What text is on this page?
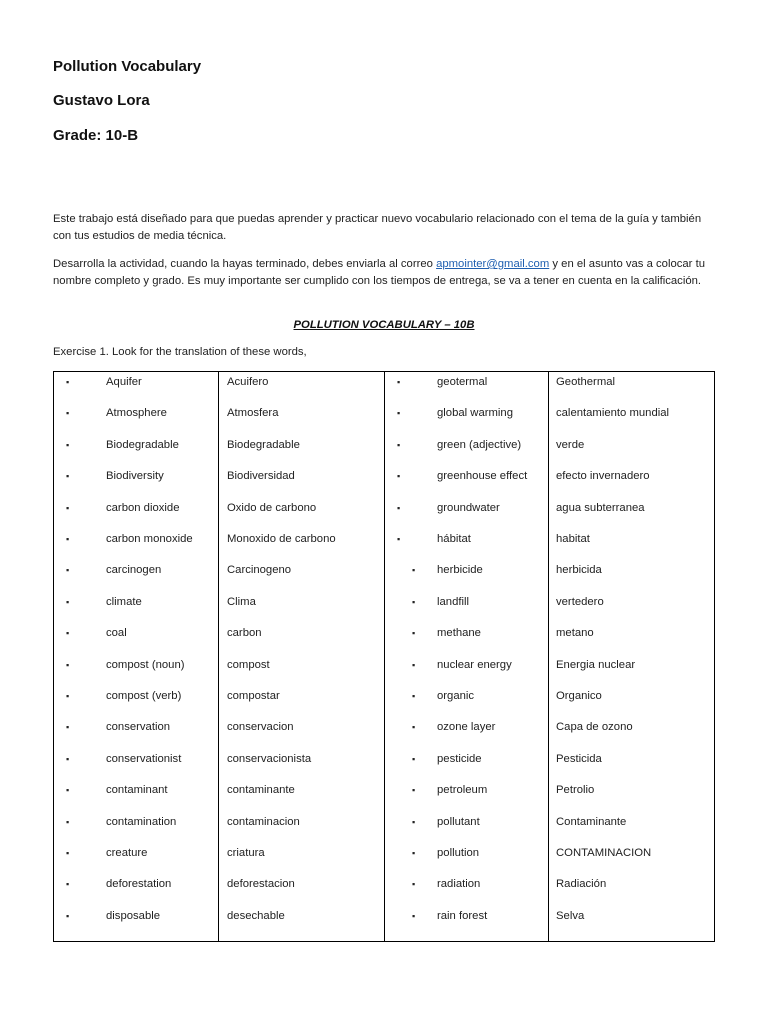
Pollution Vocabulary
Gustavo Lora
Grade: 10-B
Este trabajo está diseñado para que puedas aprender y practicar nuevo vocabulario relacionado con el tema de la guía y también con tus estudios de media técnica.
Desarrolla la actividad, cuando la hayas terminado, debes enviarla al correo apmointer@gmail.com y en el asunto vas a colocar tu nombre completo y grado. Es muy importante ser cumplido con los tiempos de entrega, se va a tener en cuenta en la calificación.
POLLUTION VOCABULARY – 10B
Exercise 1. Look for the translation of these words,
▪	Aquifer	Acuifero	▪	geotermal	Geothermal
▪	Atmosphere	Atmosfera	▪	global warming	calentamiento mundial
▪	Biodegradable	Biodegradable	▪	green (adjective)	verde
▪	Biodiversity	Biodiversidad	▪	greenhouse effect	efecto invernadero
▪	carbon dioxide	Oxido de carbono	▪	groundwater	agua subterranea
▪	carbon monoxide	Monoxido de carbono	▪	hábitat	habitat
▪	carcinogen	Carcinogeno	▪ herbicide	herbicida
▪	climate	Clima	▪ landfill	vertedero
▪	coal	carbon	▪ methane	metano
▪	compost (noun)	compost	▪ nuclear energy	Energia nuclear
▪	compost (verb)	compostar	▪ organic	Organico
▪	conservation	conservacion	▪ ozone layer	Capa de ozono
▪	conservationist	conservacionista	▪ pesticide	Pesticida
▪	contaminant	contaminante	▪ petroleum	Petrolio
▪	contamination	contaminacion	▪ pollutant	Contaminante
▪	creature	criatura	▪ pollution	CONTAMINACION
▪	deforestation	deforestacion	▪ radiation	Radiación
▪	disposable	desechable	▪ rain forest	Selva
